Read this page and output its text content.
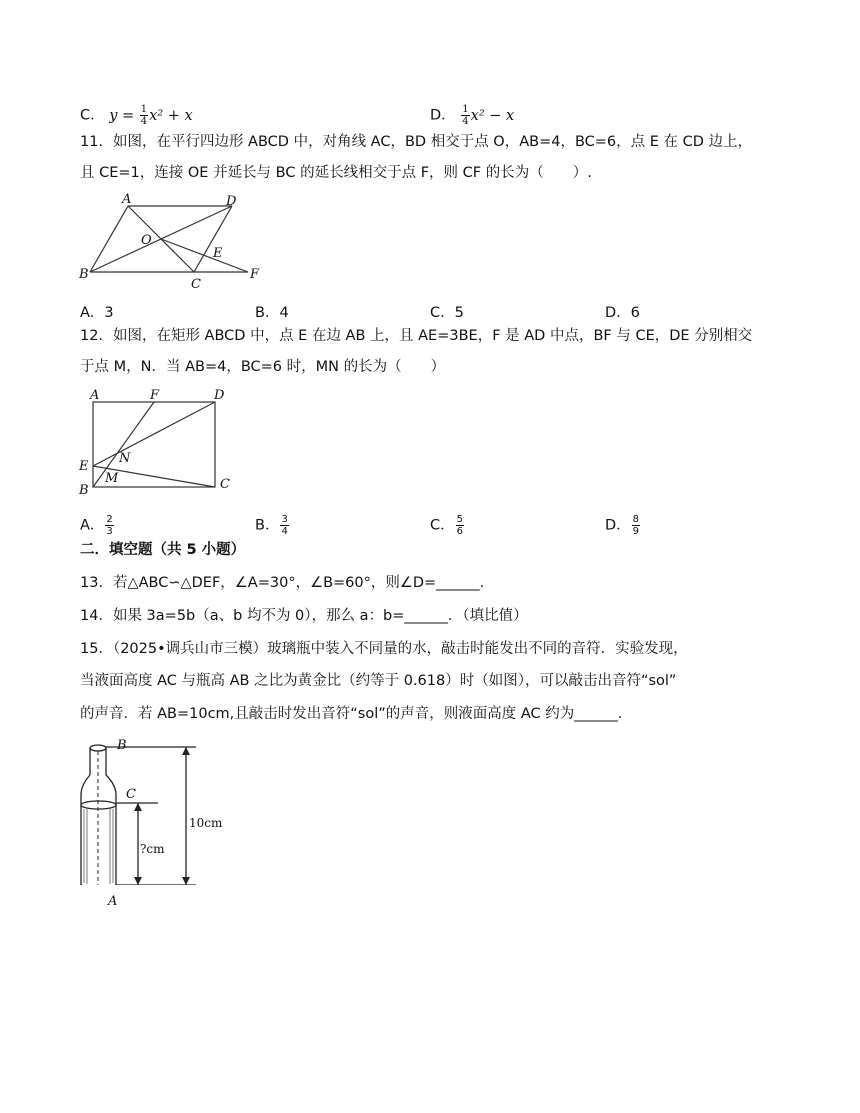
C． $y = \frac{1}{4} x^2 + x$	D． $\frac{1}{4} x^2 - x$
11．如图，在平行四边形 ABCD 中，对角线 AC，BD 相交于点 O，AB=4，BC=6，点 E 在 CD 边上，
且 CE=1，连接 OE 并延长与 BC 的延长线相交于点 F，则 CF 的长为（　　）.
A	D
O
E
B
C
F
A．3	B．4	C．5	D．6
12．如图，在矩形 ABCD 中，点 E 在边 AB 上，且 AE=3BE，F 是 AD 中点，BF 与 CE，DE 分别相交
于点 M，N．当 AB=4，BC=6 时，MN 的长为（　　）
A	F	D
E
N
B
M	C
A． $\frac{2}{3}$	B． $\frac{3}{4}$	C． $\frac{5}{6}$	D． $\frac{8}{9}$
二．填空题（共 5 小题）
13．若△ABC∽△DEF，∠A=30°，∠B=60°，则∠D=______.
14．如果 3a=5b（a、b 均不为 0），那么 a：b=______．（填比值）
15．（2025•调兵山市三模）玻璃瓶中装入不同量的水，敲击时能发出不同的音符．实验发现，
当液面高度 AC 与瓶高 AB 之比为黄金比（约等于 0.618）时（如图），可以敲击出音符“sol”
的声音．若 AB=10cm,且敲击时发出音符“sol”的声音，则液面高度 AC 约为______.
B
C
?cm
10cm
A
